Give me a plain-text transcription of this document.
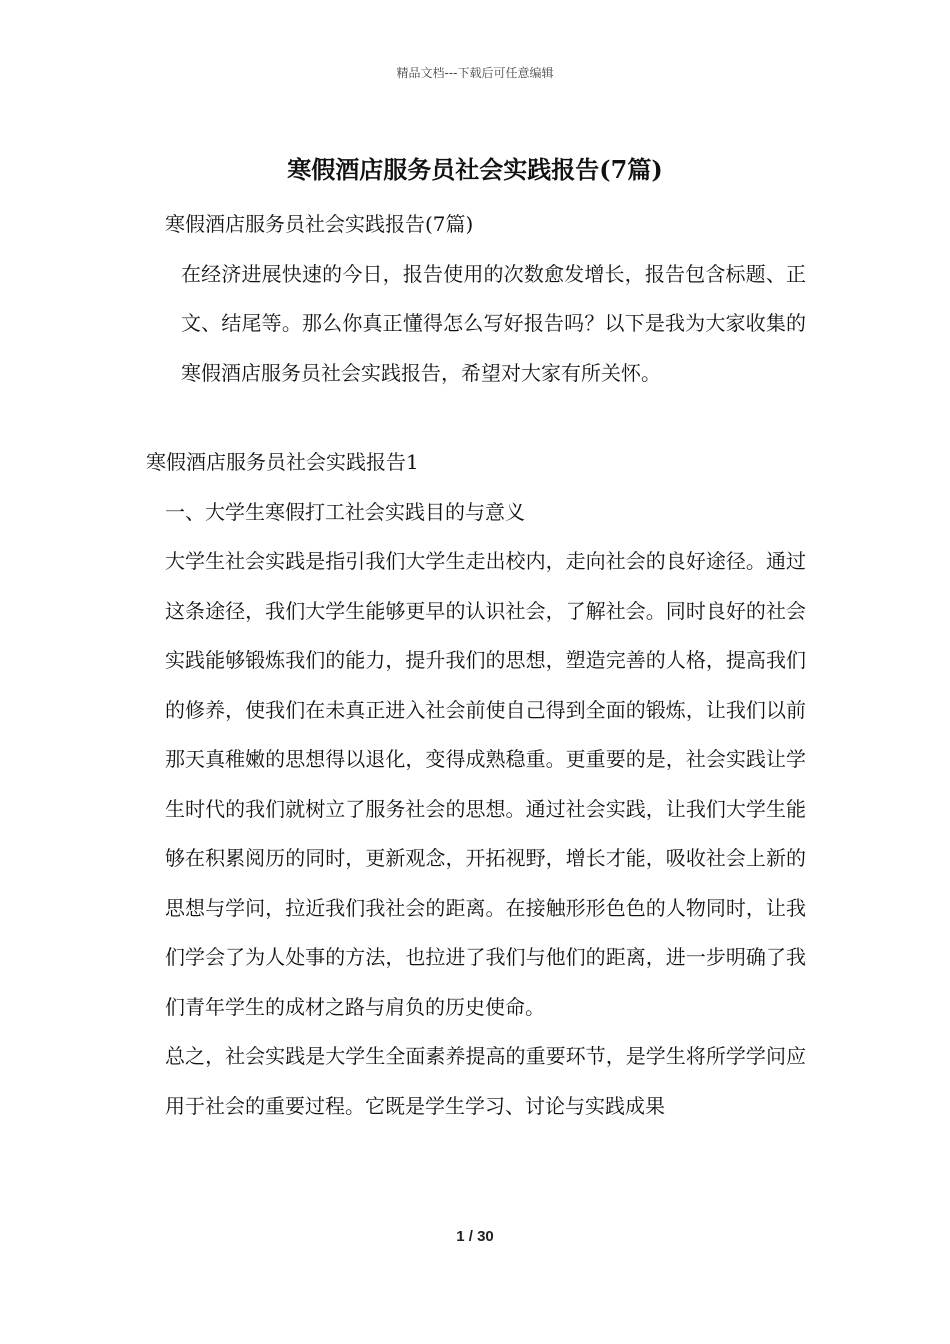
精品文档---下载后可任意编辑
寒假酒店服务员社会实践报告(7篇)

寒假酒店服务员社会实践报告(7篇)

在经济进展快速的今日，报告使用的次数愈发增长，报告包含标题、正文、结尾等。那么你真正懂得怎么写好报告吗？以下是我为大家收集的寒假酒店服务员社会实践报告，希望对大家有所关怀。

寒假酒店服务员社会实践报告1

一、大学生寒假打工社会实践目的与意义

大学生社会实践是指引我们大学生走出校内，走向社会的良好途径。通过这条途径，我们大学生能够更早的认识社会，了解社会。同时良好的社会实践能够锻炼我们的能力，提升我们的思想，塑造完善的人格，提高我们的修养，使我们在未真正进入社会前使自己得到全面的锻炼，让我们以前那天真稚嫩的思想得以退化，变得成熟稳重。更重要的是，社会实践让学生时代的我们就树立了服务社会的思想。通过社会实践，让我们大学生能够在积累阅历的同时，更新观念，开拓视野，增长才能，吸收社会上新的思想与学问，拉近我们我社会的距离。在接触形形色色的人物同时，让我们学会了为人处事的方法，也拉进了我们与他们的距离，进一步明确了我们青年学生的成材之路与肩负的历史使命。

总之，社会实践是大学生全面素养提高的重要环节，是学生将所学学问应用于社会的重要过程。它既是学生学习、讨论与实践成果

1 / 30
